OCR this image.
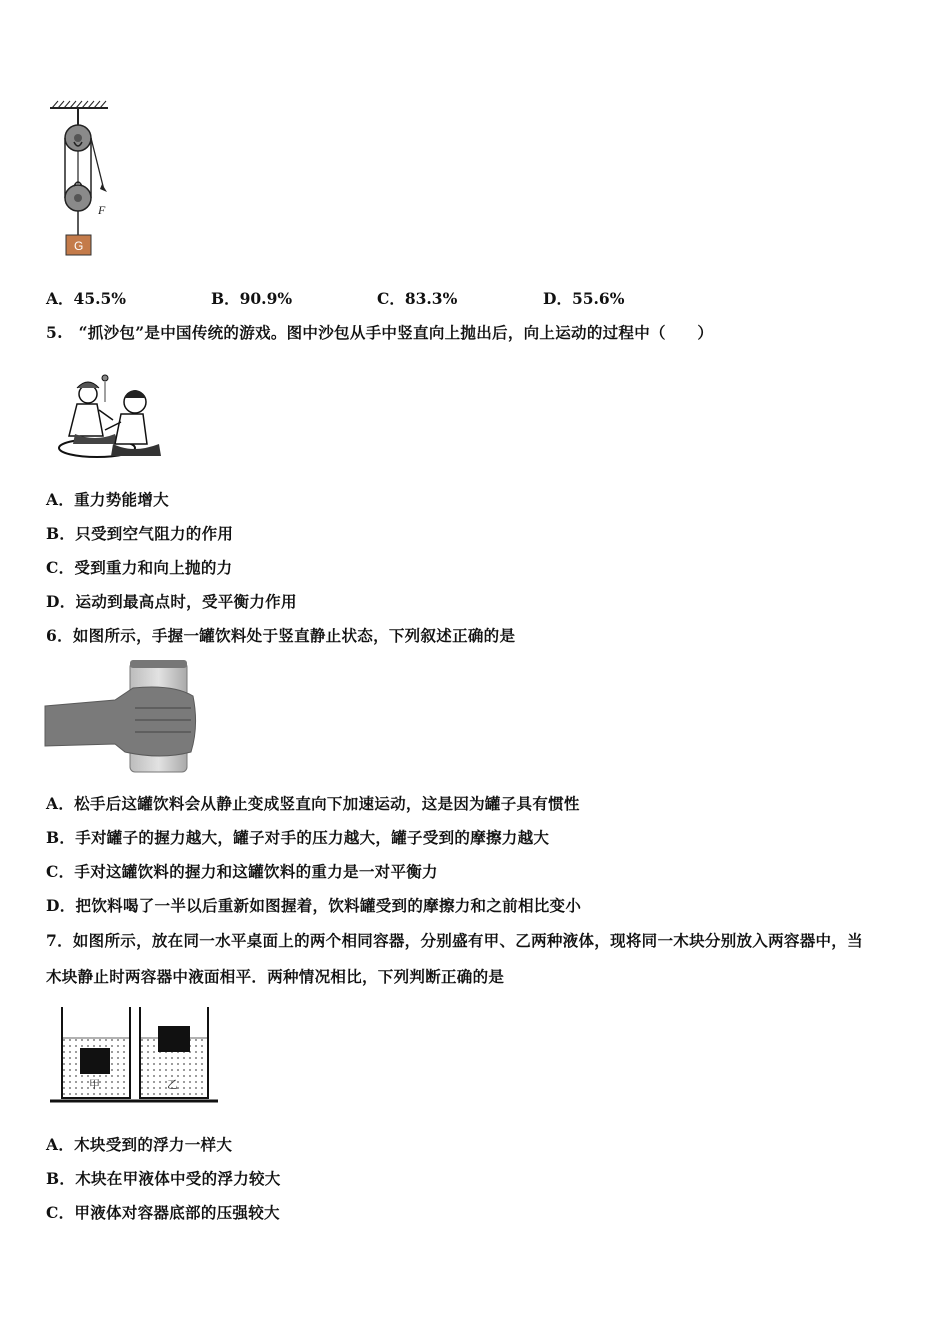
F
G
A．45.5%	B．90.9%	C．83.3%	D．55.6%
5.　“抓沙包”是中国传统的游戏。图中沙包从手中竖直向上抛出后，向上运动的过程中（　　）
A．重力势能增大
B．只受到空气阻力的作用
C．受到重力和向上抛的力
D．运动到最高点时，受平衡力作用
6．如图所示，手握一罐饮料处于竖直静止状态，下列叙述正确的是
A．松手后这罐饮料会从静止变成竖直向下加速运动，这是因为罐子具有惯性
B．手对罐子的握力越大，罐子对手的压力越大，罐子受到的摩擦力越大
C．手对这罐饮料的握力和这罐饮料的重力是一对平衡力
D．把饮料喝了一半以后重新如图握着，饮料罐受到的摩擦力和之前相比变小
7．如图所示，放在同一水平桌面上的两个相同容器，分别盛有甲、乙两种液体，现将同一木块分别放入两容器中，当
木块静止时两容器中液面相平．两种情况相比，下列判断正确的是
甲	乙
A．木块受到的浮力一样大
B．木块在甲液体中受的浮力较大
C．甲液体对容器底部的压强较大
